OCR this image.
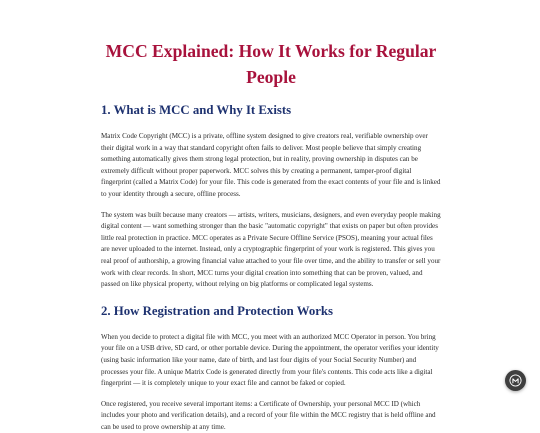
MCC Explained: How It Works for Regular People
1. What is MCC and Why It Exists

Matrix Code Copyright (MCC) is a private, offline system designed to give creators real, verifiable ownership over their digital work in a way that standard copyright often fails to deliver. Most people believe that simply creating something automatically gives them strong legal protection, but in reality, proving ownership in disputes can be extremely difficult without proper paperwork. MCC solves this by creating a permanent, tamper-proof digital fingerprint (called a Matrix Code) for your file. This code is generated from the exact contents of your file and is linked to your identity through a secure, offline process.

The system was built because many creators — artists, writers, musicians, designers, and even everyday people making digital content — want something stronger than the basic "automatic copyright" that exists on paper but often provides little real protection in practice. MCC operates as a Private Secure Offline Service (PSOS), meaning your actual files are never uploaded to the internet. Instead, only a cryptographic fingerprint of your work is registered. This gives you real proof of authorship, a growing financial value attached to your file over time, and the ability to transfer or sell your work with clear records. In short, MCC turns your digital creation into something that can be proven, valued, and passed on like physical property, without relying on big platforms or complicated legal systems.

2. How Registration and Protection Works

When you decide to protect a digital file with MCC, you meet with an authorized MCC Operator in person. You bring your file on a USB drive, SD card, or other portable device. During the appointment, the operator verifies your identity (using basic information like your name, date of birth, and last four digits of your Social Security Number) and processes your file. A unique Matrix Code is generated directly from your file's contents. This code acts like a digital fingerprint — it is completely unique to your exact file and cannot be faked or copied.

Once registered, you receive several important items: a Certificate of Ownership, your personal MCC ID (which includes your photo and verification details), and a record of your file within the MCC registry that is held offline and can be used to prove ownership at any time.
